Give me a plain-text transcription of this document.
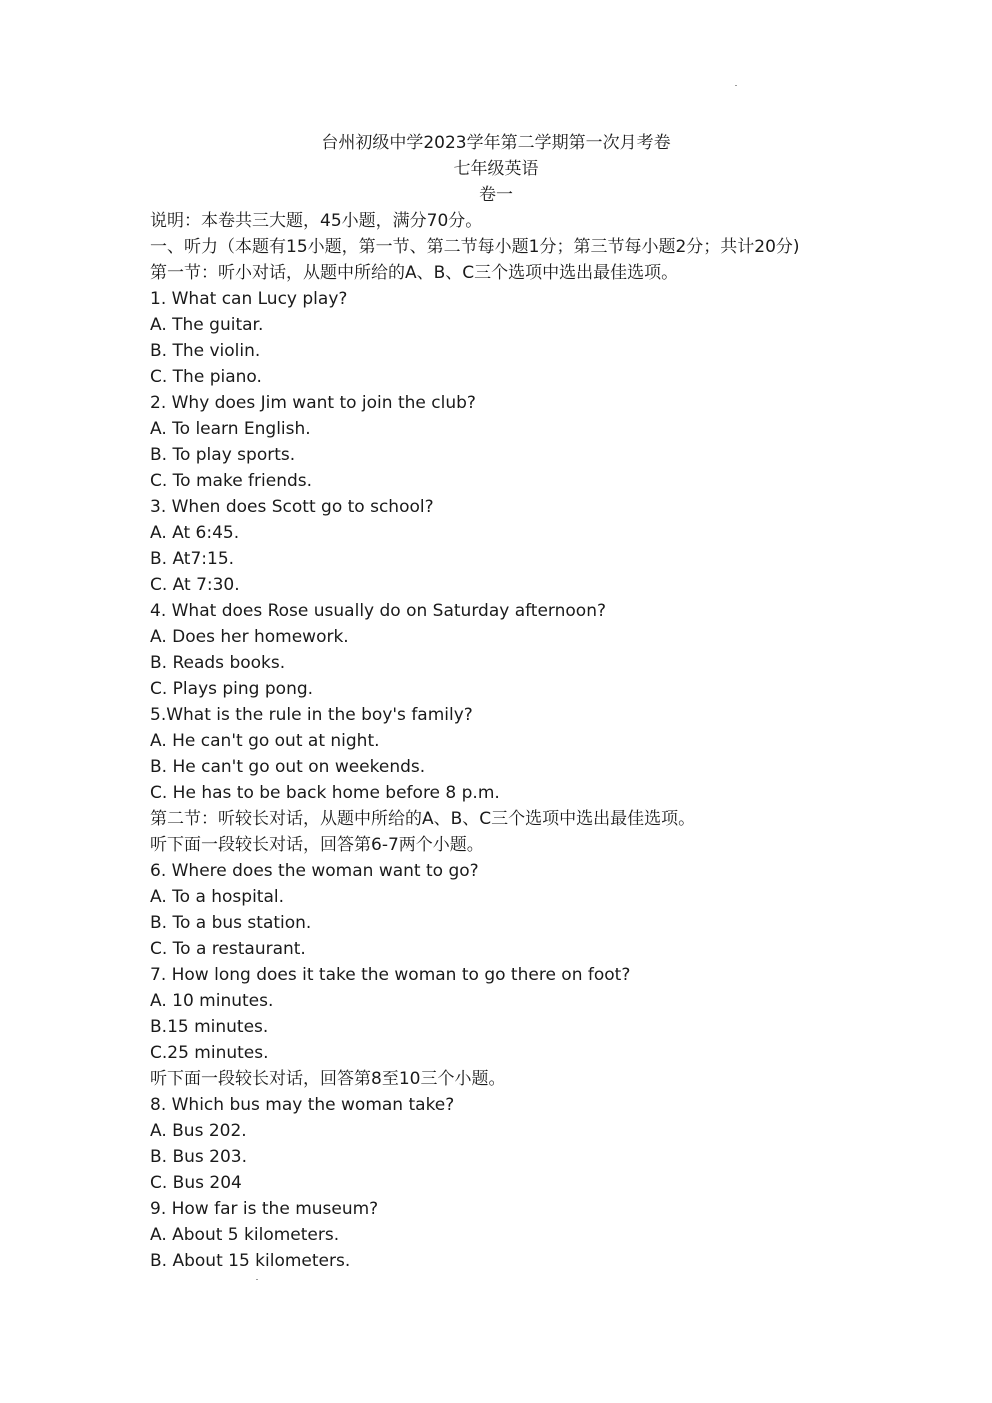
台州初级中学2023学年第二学期第一次月考卷
七年级英语
卷一
说明：本卷共三大题，45小题，满分70分。
一、听力（本题有15小题，第一节、第二节每小题1分；第三节每小题2分；共计20分)
第一节：听小对话，从题中所给的A、B、C三个选项中选出最佳选项。
1. What can Lucy play?
A. The guitar.
B. The violin.
C. The piano.
2. Why does Jim want to join the club?
A. To learn English.
B. To play sports.
C. To make friends.
3. When does Scott go to school?
A. At 6:45.
B. At7:15.
C. At 7:30.
4. What does Rose usually do on Saturday afternoon?
A. Does her homework.
B. Reads books.
C. Plays ping pong.
5.What is the rule in the boy's family?
A. He can't go out at night.
B. He can't go out on weekends.
C. He has to be back home before 8 p.m.
第二节：听较长对话，从题中所给的A、B、C三个选项中选出最佳选项。
听下面一段较长对话，回答第6-7两个小题。
6. Where does the woman want to go?
A. To a hospital.
B. To a bus station.
C. To a restaurant.
7. How long does it take the woman to go there on foot?
A. 10 minutes.
B.15 minutes.
C.25 minutes.
听下面一段较长对话，回答第8至10三个小题。
8. Which bus may the woman take?
A. Bus 202.
B. Bus 203.
C. Bus 204
9. How far is the museum?
A. About 5 kilometers.
B. About 15 kilometers.
